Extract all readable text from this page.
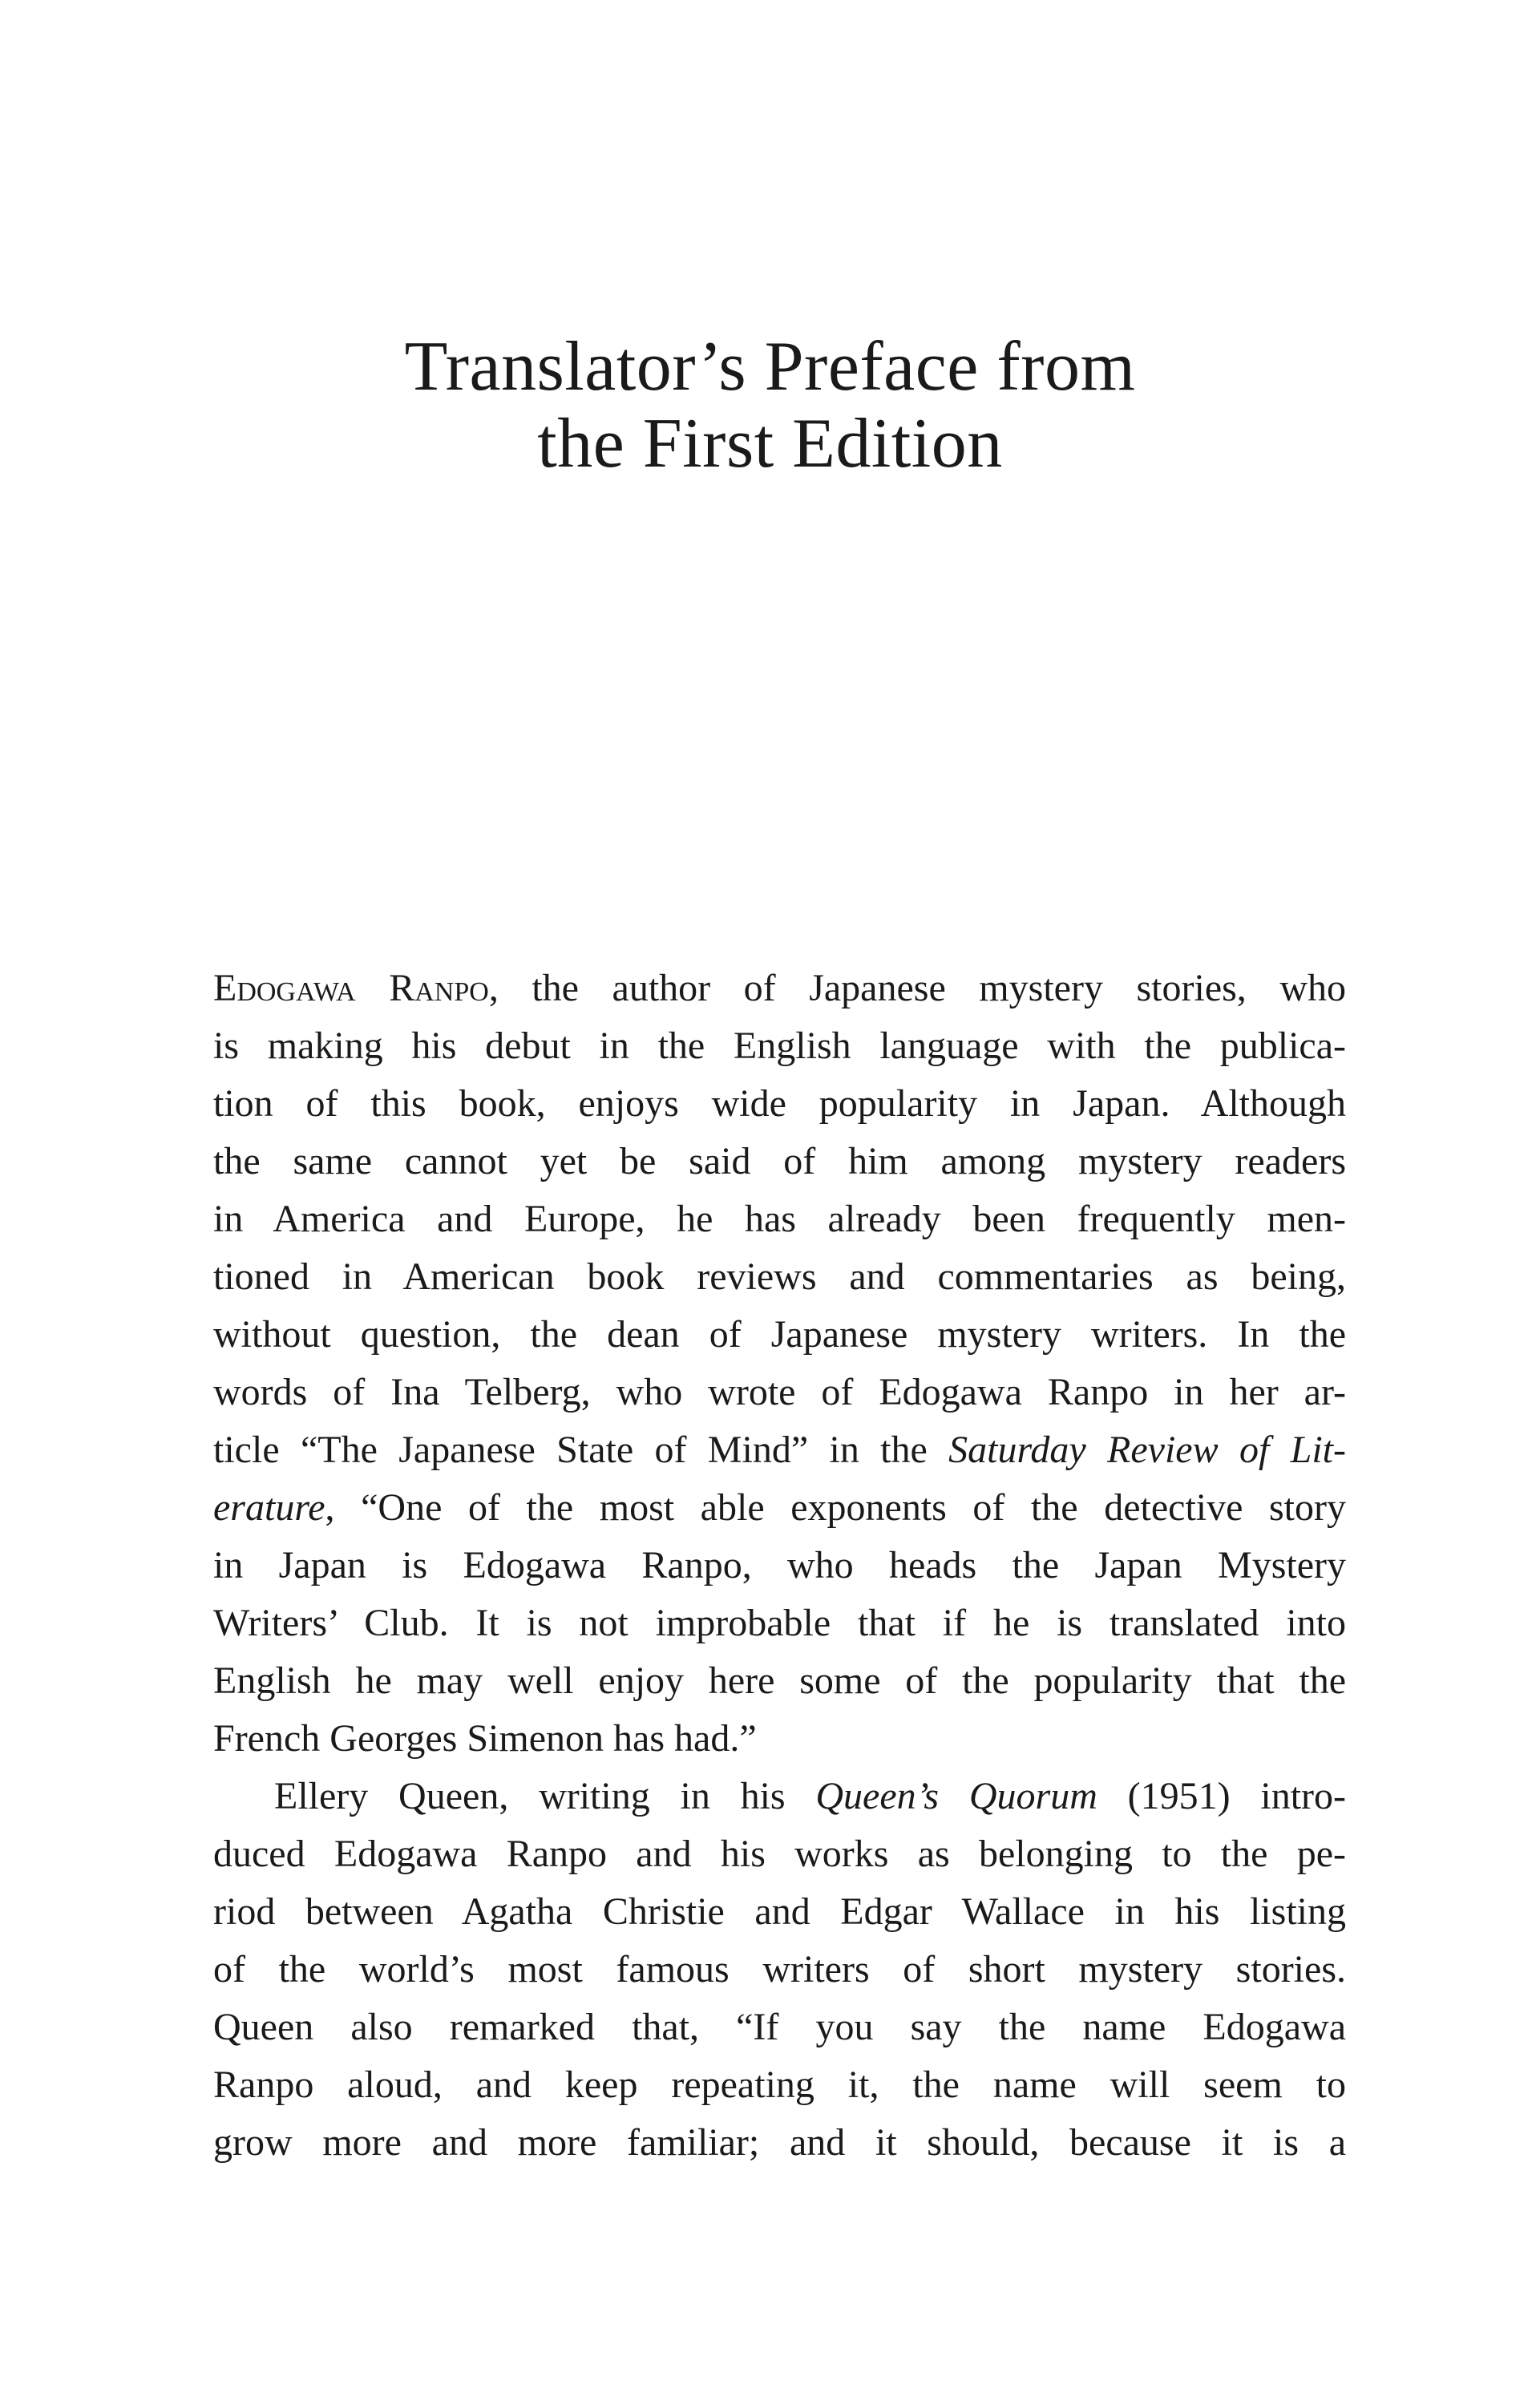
Translator’s Preface from
the First Edition
Edogawa Ranpo, the author of Japanese mystery stories, who
is making his debut in the English language with the publica-
tion of this book, enjoys wide popularity in Japan. Although
the same cannot yet be said of him among mystery readers
in America and Europe, he has already been frequently men-
tioned in American book reviews and commentaries as being,
without question, the dean of Japanese mystery writers. In the
words of Ina Telberg, who wrote of Edogawa Ranpo in her ar-
ticle “The Japanese State of Mind” in the Saturday Review of Lit-
erature, “One of the most able exponents of the detective story
in Japan is Edogawa Ranpo, who heads the Japan Mystery
Writers’ Club. It is not improbable that if he is translated into
English he may well enjoy here some of the popularity that the
French Georges Simenon has had.”
Ellery Queen, writing in his Queen’s Quorum (1951) intro-
duced Edogawa Ranpo and his works as belonging to the pe-
riod between Agatha Christie and Edgar Wallace in his listing
of the world’s most famous writers of short mystery stories.
Queen also remarked that, “If you say the name Edogawa
Ranpo aloud, and keep repeating it, the name will seem to
grow more and more familiar; and it should, because it is a
